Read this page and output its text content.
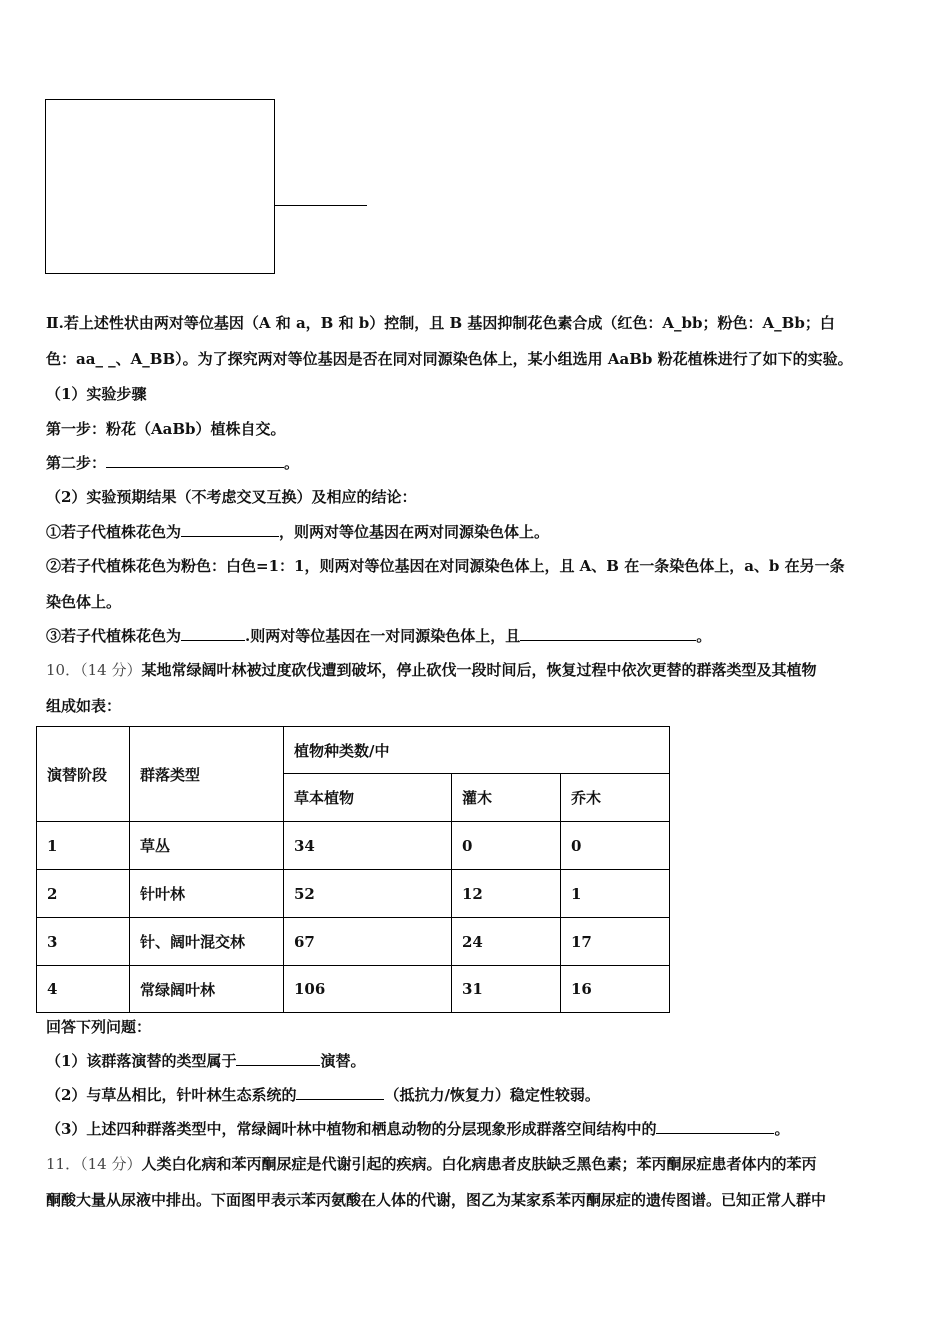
Ⅱ.若上述性状由两对等位基因（A 和 a，B 和 b）控制，且 B 基因抑制花色素合成（红色：A_bb；粉色：A_Bb；白
色：aa_ _、A_BB）。为了探究两对等位基因是否在同对同源染色体上，某小组选用 AaBb 粉花植株进行了如下的实验。
（1）实验步骤
第一步：粉花（AaBb）植株自交。
第二步：	。
（2）实验预期结果（不考虑交叉互换）及相应的结论：
①若子代植株花色为	，则两对等位基因在两对同源染色体上。
②若子代植株花色为粉色：白色=1：1，则两对等位基因在对同源染色体上，且 A、B 在一条染色体上，a、b 在另一条
染色体上。
③若子代植株花色为	.则两对等位基因在一对同源染色体上，且	。
10．（14 分）某地常绿阔叶林被过度砍伐遭到破坏，停止砍伐一段时间后，恢复过程中依次更替的群落类型及其植物
组成如表：
演替阶段	群落类型	植物种类数/中		
		草本植物	灌木	乔木
1	草丛	34	0	0
2	针叶林	52	12	1
3	针、阔叶混交林	67	24	17
4	常绿阔叶林	106	31	16
回答下列问题：
（1）该群落演替的类型属于	演替。
（2）与草丛相比，针叶林生态系统的	（抵抗力/恢复力）稳定性较弱。
（3）上述四种群落类型中，常绿阔叶林中植物和栖息动物的分层现象形成群落空间结构中的	。
11．（14 分）人类白化病和苯丙酮尿症是代谢引起的疾病。白化病患者皮肤缺乏黑色素；苯丙酮尿症患者体内的苯丙
酮酸大量从尿液中排出。下面图甲表示苯丙氨酸在人体的代谢，图乙为某家系苯丙酮尿症的遗传图谱。已知正常人群中
